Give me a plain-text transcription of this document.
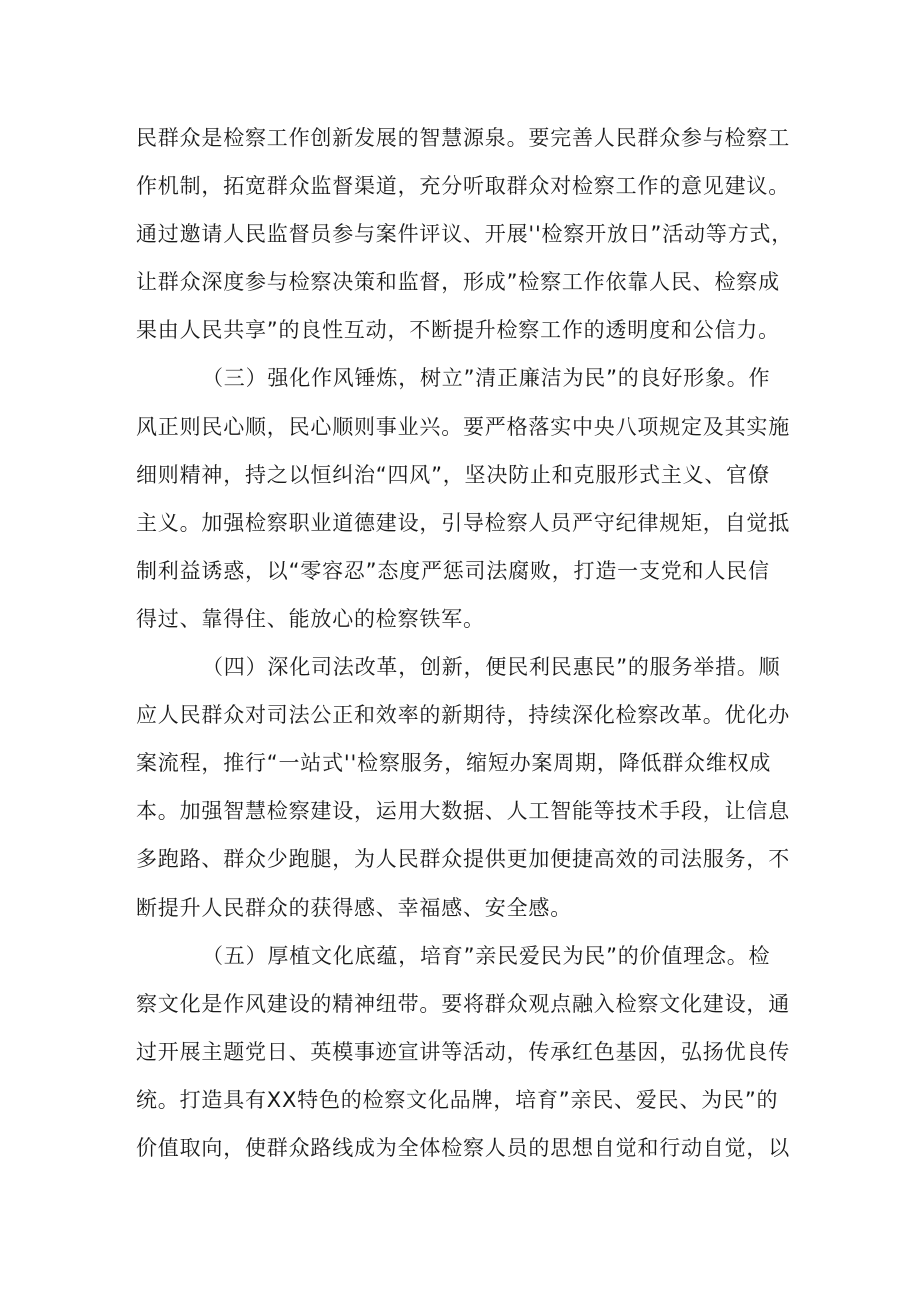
民群众是检察工作创新发展的智慧源泉。要完善人民群众参与检察工
作机制，拓宽群众监督渠道，充分听取群众对检察工作的意见建议。
通过邀请人民监督员参与案件评议、开展''检察开放日”活动等方式，
让群众深度参与检察决策和监督，形成”检察工作依靠人民、检察成
果由人民共享”的良性互动，不断提升检察工作的透明度和公信力。
（三）强化作风锤炼，树立”清正廉洁为民”的良好形象。作
风正则民心顺，民心顺则事业兴。要严格落实中央八项规定及其实施
细则精神，持之以恒纠治“四风”，坚决防止和克服形式主义、官僚
主义。加强检察职业道德建设，引导检察人员严守纪律规矩，自觉抵
制利益诱惑，以“零容忍”态度严惩司法腐败，打造一支党和人民信
得过、靠得住、能放心的检察铁军。
（四）深化司法改革，创新，便民利民惠民”的服务举措。顺
应人民群众对司法公正和效率的新期待，持续深化检察改革。优化办
案流程，推行“一站式''检察服务，缩短办案周期，降低群众维权成
本。加强智慧检察建设，运用大数据、人工智能等技术手段，让信息
多跑路、群众少跑腿，为人民群众提供更加便捷高效的司法服务，不
断提升人民群众的获得感、幸福感、安全感。
（五）厚植文化底蕴，培育”亲民爱民为民”的价值理念。检
察文化是作风建设的精神纽带。要将群众观点融入检察文化建设，通
过开展主题党日、英模事迹宣讲等活动，传承红色基因，弘扬优良传
统。打造具有XX特色的检察文化品牌，培育”亲民、爱民、为民”的
价值取向，使群众路线成为全体检察人员的思想自觉和行动自觉，以
